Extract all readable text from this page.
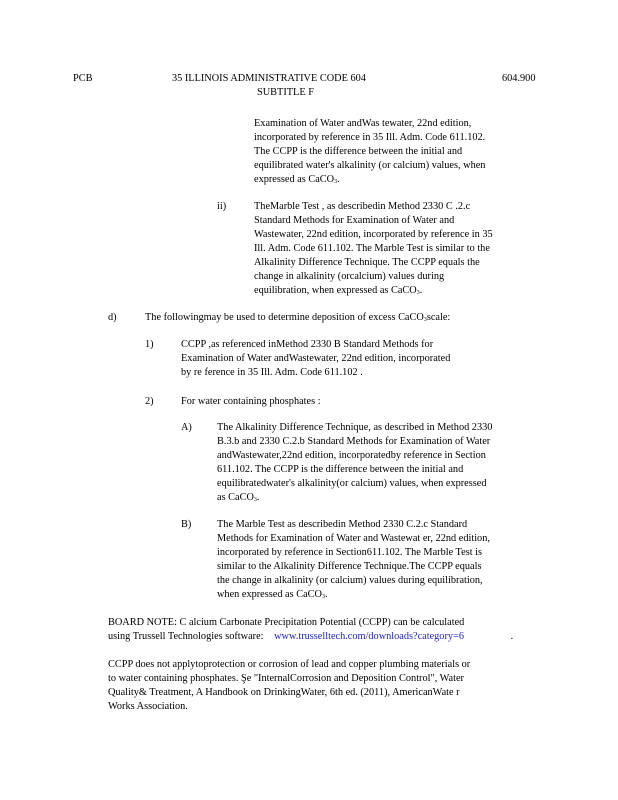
PCB	35 ILLINOIS ADMINISTRATIVE CODE 604
SUBTITLE F
604.900
Examination of Water andWas tewater, 22nd edition,
incorporated by reference in 35 Ill. Adm. Code 611.102.
The CCPP is the difference between the initial and
equilibrated water's alkalinity (or calcium) values, when
expressed as CaCO3.
ii)	TheMarble Test , as describedin Method 2330 C .2.c
Standard Methods for Examination of Water and
Wastewater, 22nd edition, incorporated by reference in 35
Ill. Adm. Code 611.102. The Marble Test is similar to the
Alkalinity Difference Technique. The CCPP equals the
change in alkalinity (orcalcium) values during
equilibration, when expressed as CaCO3.
d)	The followingmay be used to determine deposition of excess CaCO3scale:
1)	CCPP ,as referenced inMethod 2330 B Standard Methods for
Examination of Water andWastewater, 22nd edition, incorporated
by re ference in 35 Ill. Adm. Code 611.102 .
2)	For water containing phosphates :
A) The Alkalinity Difference Technique, as described in Method 2330
B.3.b and 2330 C.2.b Standard Methods for Examination of Water
andWastewater,22nd edition, incorporatedby reference in Section
611.102. The CCPP is the difference between the initial and
equilibratedwater's alkalinity(or calcium) values, when expressed
as CaCO3.
B) The Marble Test as describedin Method 2330 C.2.c Standard
Methods for Examination of Water and Wastewat er, 22nd edition,
incorporated by reference in Section611.102. The Marble Test is
similar to the Alkalinity Difference Technique.The CCPP equals
the change in alkalinity (or calcium) values during equilibration,
when expressed as CaCO3.
BOARD NOTE: C alcium Carbonate Precipitation Potential (CCPP) can be calculated
using Trussell Technologies software: www.trusselltech.com/downloads?category=6	.
CCPP does not applytoprotection or corrosion of lead and copper plumbing materials or
to water containing phosphates. Şe "InternalCorrosion and Deposition Control", Water
Quality& Treatment, A Handbook on DrinkingWater, 6th ed. (2011), AmericanWate r
Works Association.
